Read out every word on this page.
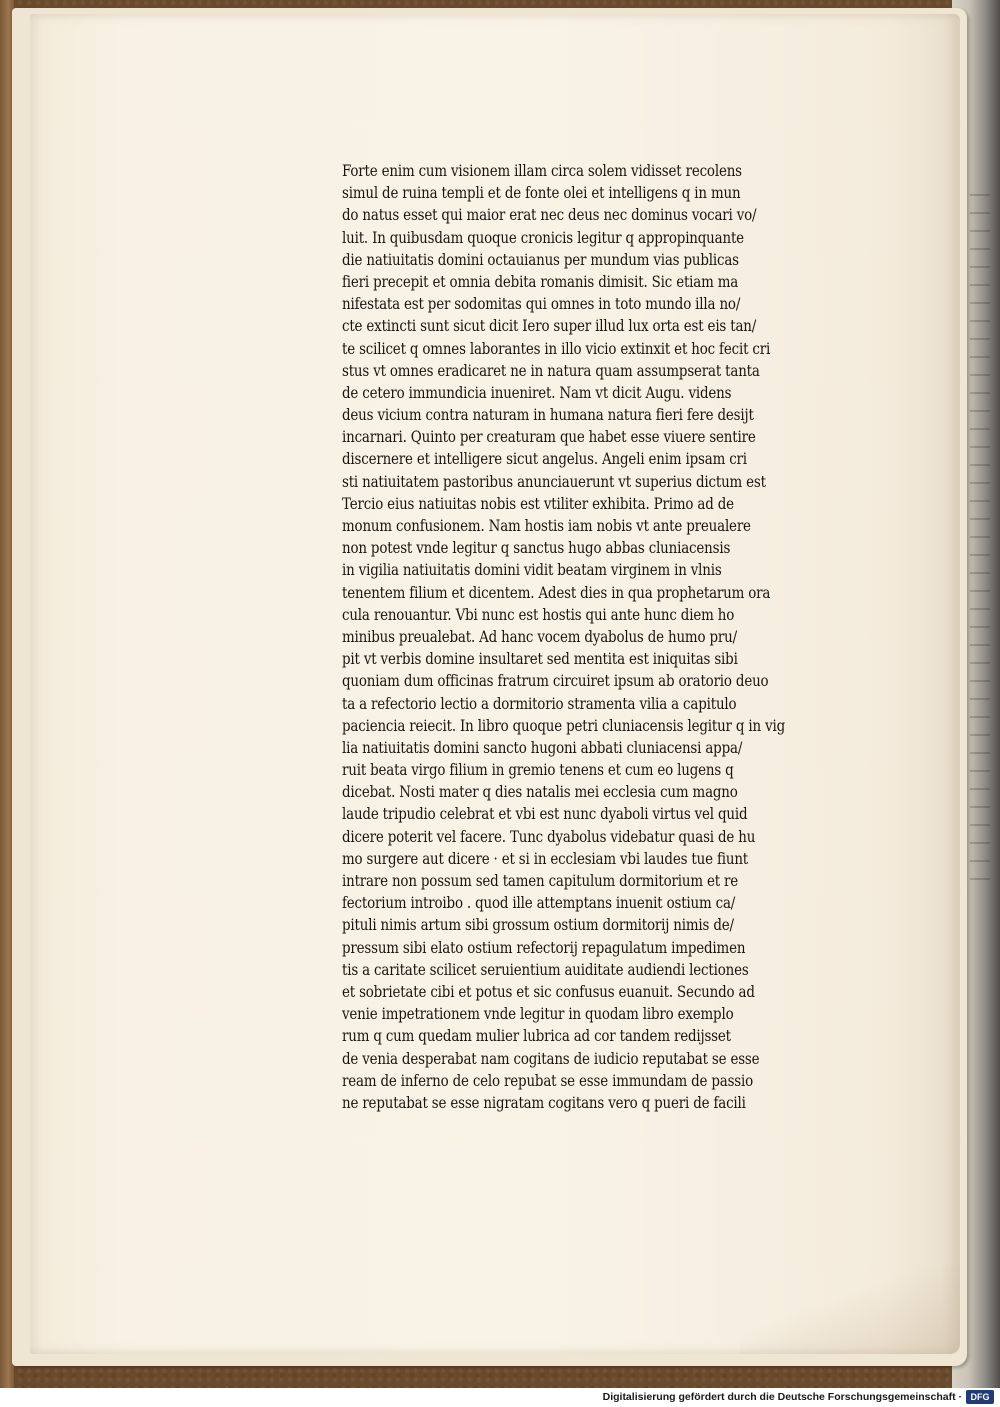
Forte enim cum visionem illam circa solem vidisset recolens
simul de ruina templi et de fonte olei et intelligens q in mun
do natus esset qui maior erat nec deus nec dominus vocari vo/
luit. In quibusdam quoque cronicis legitur q appropinquante
die natiuitatis domini octauianus per mundum vias publicas
fieri precepit et omnia debita romanis dimisit. Sic etiam ma
nifestata est per sodomitas qui omnes in toto mundo illa no/
cte extincti sunt sicut dicit Iero super illud lux orta est eis tan/
te scilicet q omnes laborantes in illo vicio extinxit et hoc fecit cri
stus vt omnes eradicaret ne in natura quam assumpserat tanta
de cetero immundicia inueniret. Nam vt dicit Augu. videns
deus vicium contra naturam in humana natura fieri fere desijt
incarnari. Quinto per creaturam que habet esse viuere sentire
discernere et intelligere sicut angelus. Angeli enim ipsam cri
sti natiuitatem pastoribus anunciauerunt vt superius dictum est
Tercio eius natiuitas nobis est vtiliter exhibita. Primo ad de
monum confusionem. Nam hostis iam nobis vt ante preualere
non potest vnde legitur q sanctus hugo abbas cluniacensis
in vigilia natiuitatis domini vidit beatam virginem in vlnis
tenentem filium et dicentem. Adest dies in qua prophetarum ora
cula renouantur. Vbi nunc est hostis qui ante hunc diem ho
minibus preualebat. Ad hanc vocem dyabolus de humo pru/
pit vt verbis domine insultaret sed mentita est iniquitas sibi
quoniam dum officinas fratrum circuiret ipsum ab oratorio deuo
ta a refectorio lectio a dormitorio stramenta vilia a capitulo
paciencia reiecit. In libro quoque petri cluniacensis legitur q in vig
lia natiuitatis domini sancto hugoni abbati cluniacensi appa/
ruit beata virgo filium in gremio tenens et cum eo lugens q
dicebat. Nosti mater q dies natalis mei ecclesia cum magno
laude tripudio celebrat et vbi est nunc dyaboli virtus vel quid
dicere poterit vel facere. Tunc dyabolus videbatur quasi de hu
mo surgere aut dicere · et si in ecclesiam vbi laudes tue fiunt
intrare non possum sed tamen capitulum dormitorium et re
fectorium introibo . quod ille attemptans inuenit ostium ca/
pituli nimis artum sibi grossum ostium dormitorij nimis de/
pressum sibi elato ostium refectorij repagulatum impedimen
tis a caritate scilicet seruientium auiditate audiendi lectiones
et sobrietate cibi et potus et sic confusus euanuit. Secundo ad
venie impetrationem vnde legitur in quodam libro exemplo
rum q cum quedam mulier lubrica ad cor tandem redijsset
de venia desperabat nam cogitans de iudicio reputabat se esse
ream de inferno de celo repubat se esse immundam de passio
ne reputabat se esse nigratam cogitans vero q pueri de facili
Digitalisierung gefördert durch die Deutsche Forschungsgemeinschaft · DFG
